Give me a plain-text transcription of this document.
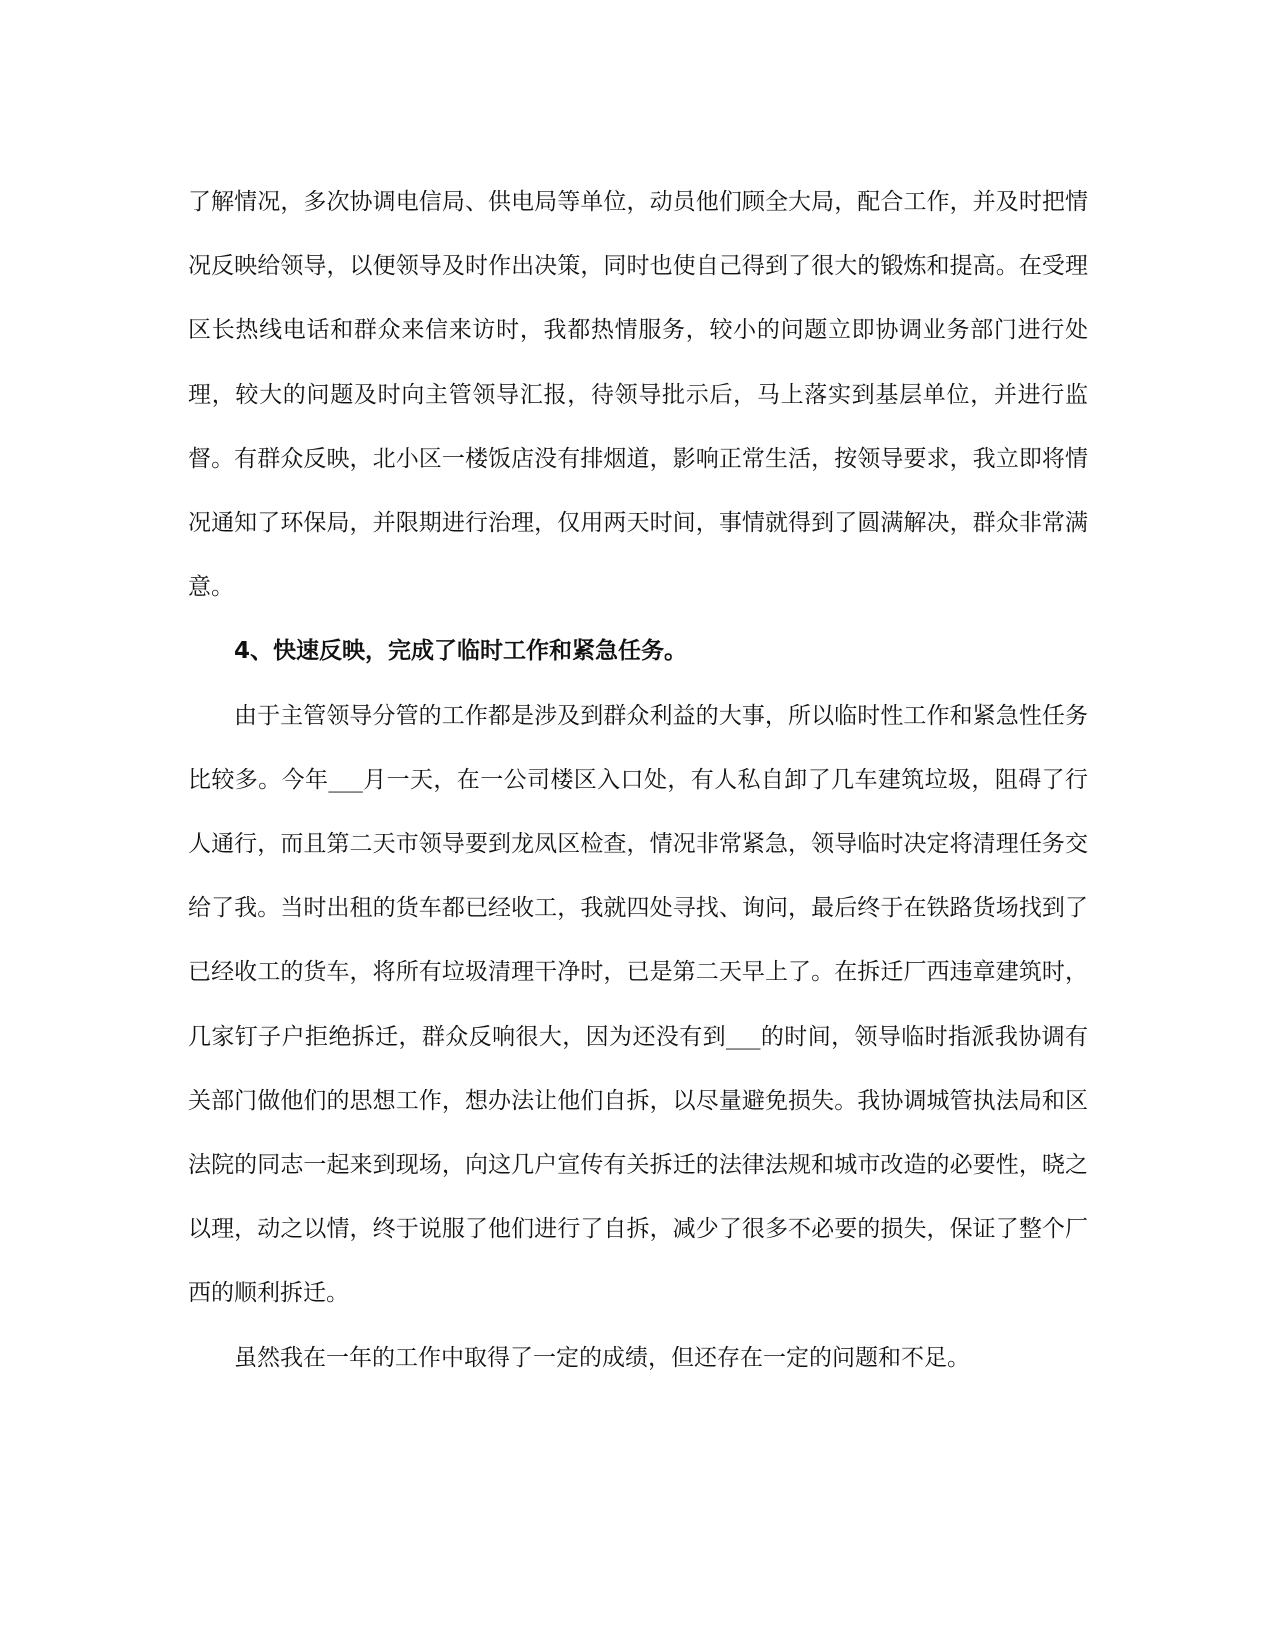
了解情况，多次协调电信局、供电局等单位，动员他们顾全大局，配合工作，并及时把情况反映给领导，以便领导及时作出决策，同时也使自己得到了很大的锻炼和提高。在受理区长热线电话和群众来信来访时，我都热情服务，较小的问题立即协调业务部门进行处理，较大的问题及时向主管领导汇报，待领导批示后，马上落实到基层单位，并进行监督。有群众反映，北小区一楼饭店没有排烟道，影响正常生活，按领导要求，我立即将情况通知了环保局，并限期进行治理，仅用两天时间，事情就得到了圆满解决，群众非常满意。

4、快速反映，完成了临时工作和紧急任务。

由于主管领导分管的工作都是涉及到群众利益的大事，所以临时性工作和紧急性任务比较多。今年___月一天，在一公司楼区入口处，有人私自卸了几车建筑垃圾，阻碍了行人通行，而且第二天市领导要到龙凤区检查，情况非常紧急，领导临时决定将清理任务交给了我。当时出租的货车都已经收工，我就四处寻找、询问，最后终于在铁路货场找到了已经收工的货车，将所有垃圾清理干净时，已是第二天早上了。在拆迁厂西违章建筑时，几家钉子户拒绝拆迁，群众反响很大，因为还没有到___的时间，领导临时指派我协调有关部门做他们的思想工作，想办法让他们自拆，以尽量避免损失。我协调城管执法局和区法院的同志一起来到现场，向这几户宣传有关拆迁的法律法规和城市改造的必要性，晓之以理，动之以情，终于说服了他们进行了自拆，减少了很多不必要的损失，保证了整个厂西的顺利拆迁。

虽然我在一年的工作中取得了一定的成绩，但还存在一定的问题和不足。
